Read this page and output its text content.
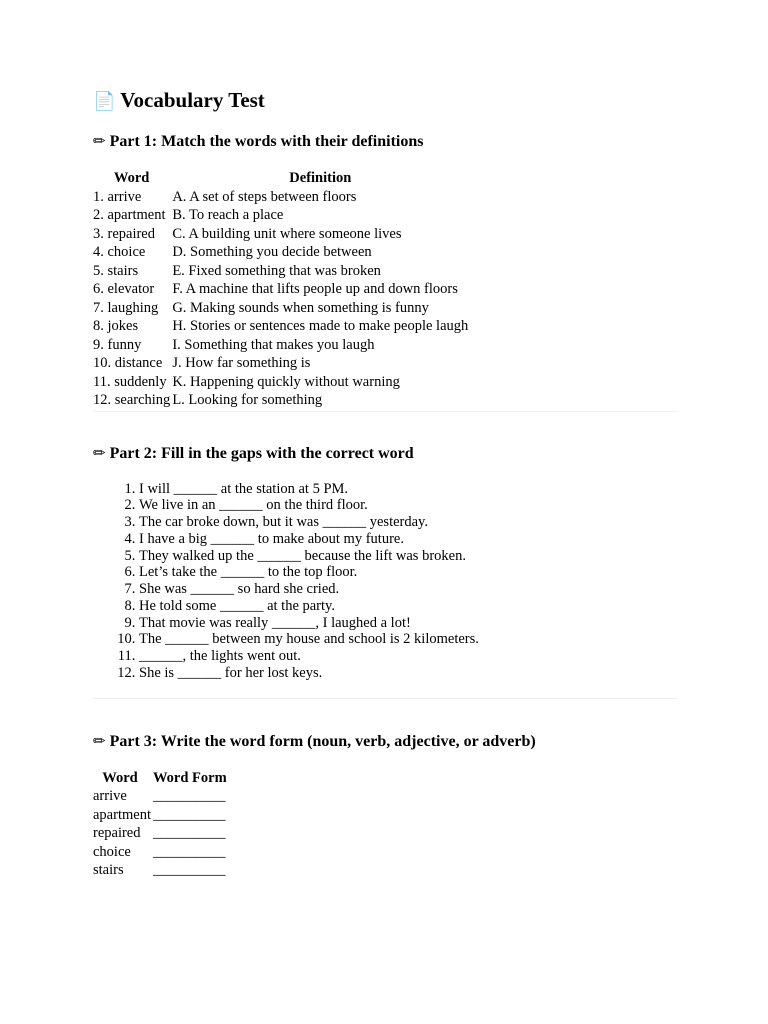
📄 Vocabulary Test
✏ Part 1: Match the words with their definitions
Word	Definition
1. arrive	A. A set of steps between floors
2. apartment	B. To reach a place
3. repaired	C. A building unit where someone lives
4. choice	D. Something you decide between
5. stairs	E. Fixed something that was broken
6. elevator	F. A machine that lifts people up and down floors
7. laughing	G. Making sounds when something is funny
8. jokes	H. Stories or sentences made to make people laugh
9. funny	I. Something that makes you laugh
10. distance	J. How far something is
11. suddenly	K. Happening quickly without warning
12. searching	L. Looking for something
✏ Part 2: Fill in the gaps with the correct word
1. I will ______ at the station at 5 PM.
2. We live in an ______ on the third floor.
3. The car broke down, but it was ______ yesterday.
4. I have a big ______ to make about my future.
5. They walked up the ______ because the lift was broken.
6. Let’s take the ______ to the top floor.
7. She was ______ so hard she cried.
8. He told some ______ at the party.
9. That movie was really ______, I laughed a lot!
10. The ______ between my house and school is 2 kilometers.
11. ______, the lights went out.
12. She is ______ for her lost keys.
✏ Part 3: Write the word form (noun, verb, adjective, or adverb)
Word	Word Form
arrive	__________
apartment	__________
repaired	__________
choice	__________
stairs	__________
